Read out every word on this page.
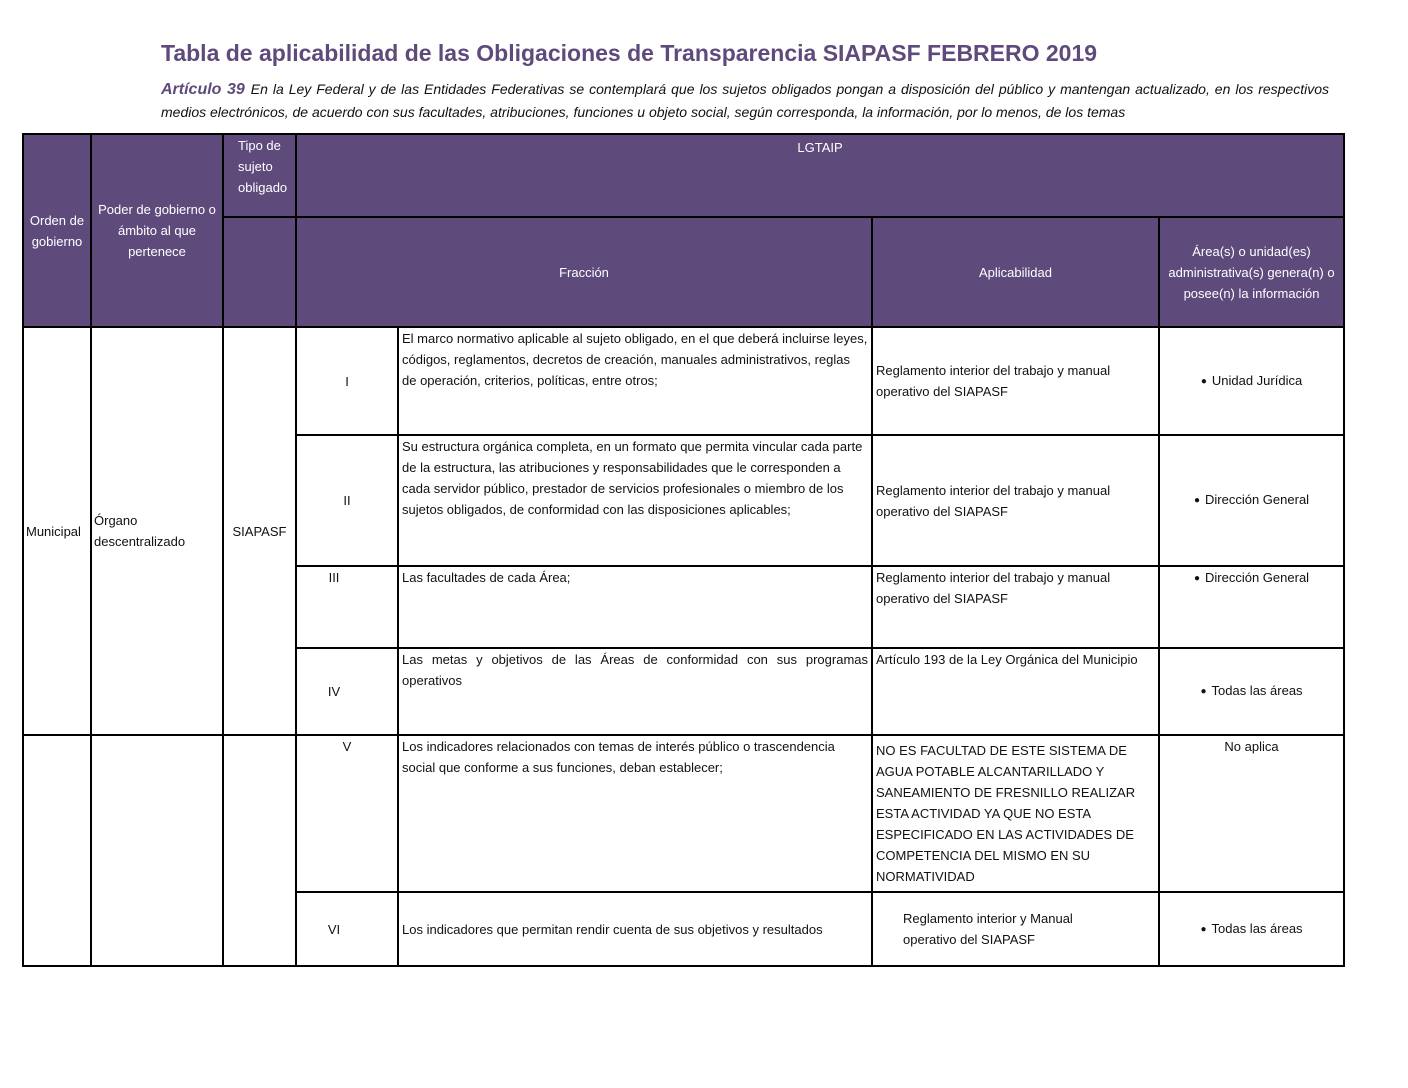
Tabla de aplicabilidad de las Obligaciones de Transparencia SIAPASF FEBRERO 2019
Artículo 39 En la Ley Federal y de las Entidades Federativas se contemplará que los sujetos obligados pongan a disposición del público y mantengan actualizado, en los respectivos medios electrónicos, de acuerdo con sus facultades, atribuciones, funciones u objeto social, según corresponda, la información, por lo menos, de los temas
Orden de gobierno	Poder de gobierno o ámbito al que pertenece	Tipo de sujeto obligado	LGTAIP			
			Fracción		Aplicabilidad	Área(s) o unidad(es) administrativa(s) genera(n) o posee(n) la información
Municipal	Órgano descentralizado	SIAPASF	I	El marco normativo aplicable al sujeto obligado, en el que deberá incluirse leyes, códigos, reglamentos, decretos de creación, manuales administrativos, reglas de operación, criterios, políticas, entre otros;	Reglamento interior del trabajo y manual operativo del SIAPASF	● Unidad Jurídica
			II	Su estructura orgánica completa, en un formato que permita vincular cada parte de la estructura, las atribuciones y responsabilidades que le corresponden a cada servidor público, prestador de servicios profesionales o miembro de los sujetos obligados, de conformidad con las disposiciones aplicables;	Reglamento interior del trabajo y manual operativo del SIAPASF	● Dirección General
			III	Las facultades de cada Área;	Reglamento interior del trabajo y manual operativo del SIAPASF	● Dirección General
			IV	Las metas y objetivos de las Áreas de conformidad con sus programas operativos	Artículo 193 de la Ley Orgánica del Municipio	● Todas las áreas
			V	Los indicadores relacionados con temas de interés público o trascendencia social que conforme a sus funciones, deban establecer;	NO ES FACULTAD DE ESTE SISTEMA DE AGUA POTABLE ALCANTARILLADO Y SANEAMIENTO DE FRESNILLO REALIZAR ESTA ACTIVIDAD YA QUE NO ESTA ESPECIFICADO EN LAS ACTIVIDADES DE COMPETENCIA DEL MISMO EN SU NORMATIVIDAD	No aplica
			VI	Los indicadores que permitan rendir cuenta de sus objetivos y resultados	Reglamento interior y Manual operativo del SIAPASF	● Todas las áreas
